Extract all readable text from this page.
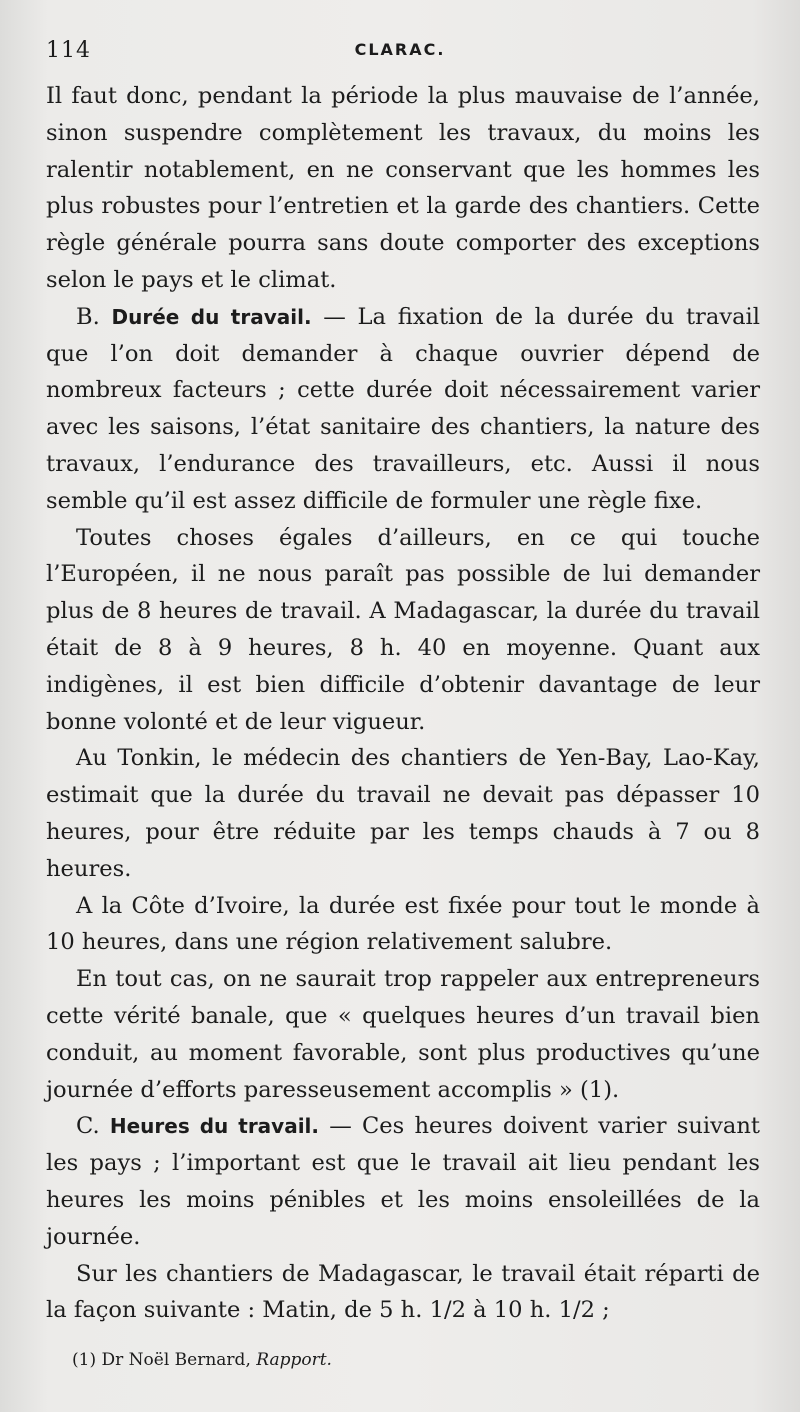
114	CLARAC.

Il faut donc, pendant la période la plus mauvaise de l’année, sinon suspendre complètement les travaux, du moins les ralentir notablement, en ne conservant que les hommes les plus robustes pour l’entretien et la garde des chantiers. Cette règle générale pourra sans doute comporter des exceptions selon le pays et le climat.

B. Durée du travail. — La fixation de la durée du travail que l’on doit demander à chaque ouvrier dépend de nombreux facteurs ; cette durée doit nécessairement varier avec les saisons, l’état sanitaire des chantiers, la nature des travaux, l’endurance des travailleurs, etc. Aussi il nous semble qu’il est assez difficile de formuler une règle fixe.

Toutes choses égales d’ailleurs, en ce qui touche l’Européen, il ne nous paraît pas possible de lui demander plus de 8 heures de travail. A Madagascar, la durée du travail était de 8 à 9 heures, 8 h. 40 en moyenne. Quant aux indigènes, il est bien difficile d’obtenir davantage de leur bonne volonté et de leur vigueur.

Au Tonkin, le médecin des chantiers de Yen-Bay, Lao-Kay, estimait que la durée du travail ne devait pas dépasser 10 heures, pour être réduite par les temps chauds à 7 ou 8 heures.

A la Côte d’Ivoire, la durée est fixée pour tout le monde à 10 heures, dans une région relativement salubre.

En tout cas, on ne saurait trop rappeler aux entrepreneurs cette vérité banale, que « quelques heures d’un travail bien conduit, au moment favorable, sont plus productives qu’une journée d’efforts paresseusement accomplis » (1).

C. Heures du travail. — Ces heures doivent varier suivant les pays ; l’important est que le travail ait lieu pendant les heures les moins pénibles et les moins ensoleillées de la journée.

Sur les chantiers de Madagascar, le travail était réparti de la façon suivante : Matin, de 5 h. 1/2 à 10 h. 1/2 ;

(1) Dr Noël Bernard, Rapport.
